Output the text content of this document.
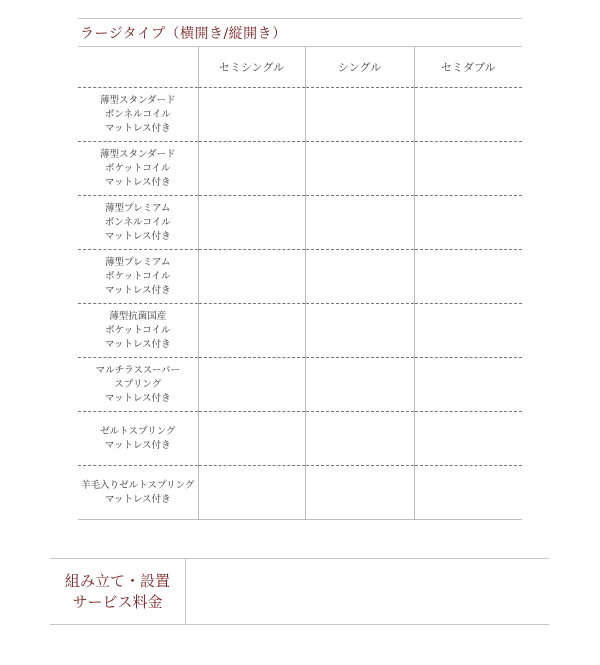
ラージタイプ（横開き/縦開き）
	セミシングル	シングル	セミダブル

薄型スタンダード
ボンネルコイル
マットレス付き			

薄型スタンダード
ポケットコイル
マットレス付き			

薄型プレミアム
ボンネルコイル
マットレス付き			

薄型プレミアム
ポケットコイル
マットレス付き			

薄型抗菌国産
ポケットコイル
マットレス付き			

マルチラススーパー
スプリング
マットレス付き			

ゼルトスプリング
マットレス付き			

羊毛入りゼルトスプリング
マットレス付き			

組み立て・設置
サービス料金
